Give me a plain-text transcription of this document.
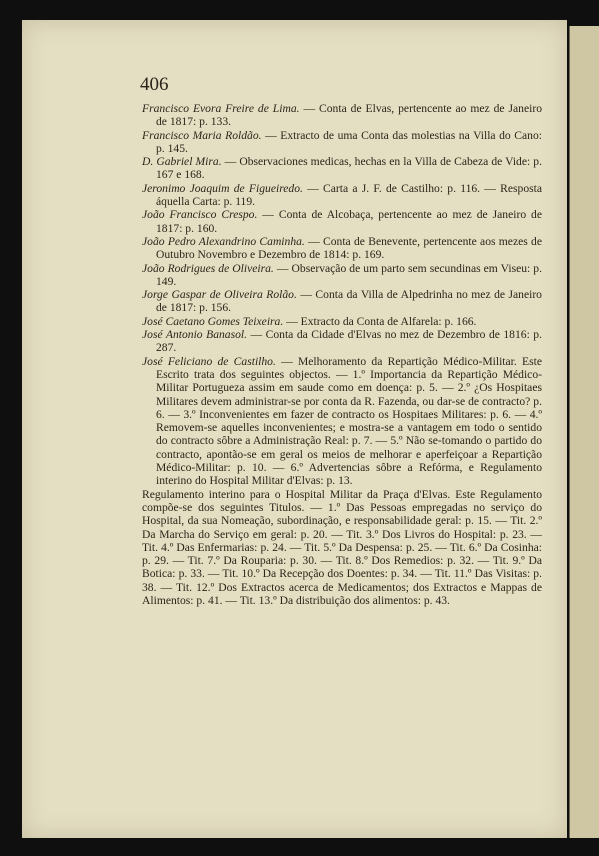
406

Francisco Evora Freire de Lima. — Conta de Elvas, pertencente ao mez de Janeiro de 1817: p. 133.

Francisco Maria Roldão. — Extracto de uma Conta das molestias na Villa do Cano: p. 145.

D. Gabriel Mira. — Observaciones medicas, hechas en la Villa de Cabeza de Vide: p. 167 e 168.

Jeronimo Joaquim de Figueiredo. — Carta a J. F. de Castilho: p. 116. — Resposta áquella Carta: p. 119.

João Francisco Crespo. — Conta de Alcobaça, pertencente ao mez de Janeiro de 1817: p. 160.

João Pedro Alexandrino Caminha. — Conta de Benevente, pertencente aos mezes de Outubro Novembro e Dezembro de 1814: p. 169.

João Rodrigues de Oliveira. — Observação de um parto sem secundinas em Viseu: p. 149.

Jorge Gaspar de Oliveira Rolão. — Conta da Villa de Alpedrinha no mez de Janeiro de 1817: p. 156.

José Caetano Gomes Teixeira. — Extracto da Conta de Alfarela: p. 166.

José Antonio Banasol. — Conta da Cidade d'Elvas no mez de Dezembro de 1816: p. 287.

José Feliciano de Castilho. — Melhoramento da Repartição Médico-Militar. Este Escrito trata dos seguintes objectos. — 1.º Importancia da Repartição Médico-Militar Portugueza assim em saude como em doença: p. 5. — 2.º ¿Os Hospitaes Militares devem administrar-se por conta da R. Fazenda, ou dar-se de contracto? p. 6. — 3.º Inconvenientes em fazer de contracto os Hospitaes Militares: p. 6. — 4.º Removem-se aquelles inconvenientes; e mostra-se a vantagem em todo o sentido do contracto sôbre a Administração Real: p. 7. — 5.º Não se-tomando o partido do contracto, apontão-se em geral os meios de melhorar e aperfeiçoar a Repartição Médico-Militar: p. 10. — 6.º Advertencias sôbre a Refórma, e Regulamento interino do Hospital Militar d'Elvas: p. 13.

Regulamento interino para o Hospital Militar da Praça d'Elvas. Este Regulamento compõe-se dos seguintes Titulos. — 1.º Das Pessoas empregadas no serviço do Hospital, da sua Nomeação, subordinação, e responsabilidade geral: p. 15. — Tit. 2.º Da Marcha do Serviço em geral: p. 20. — Tit. 3.º Dos Livros do Hospital: p. 23. — Tit. 4.º Das Enfermarias: p. 24. — Tit. 5.º Da Despensa: p. 25. — Tit. 6.º Da Cosinha: p. 29. — Tit. 7.º Da Rouparia: p. 30. — Tit. 8.º Dos Remedios: p. 32. — Tit. 9.º Da Botica: p. 33. — Tit. 10.º Da Recepção dos Doentes: p. 34. — Tit. 11.º Das Visitas: p. 38. — Tit. 12.º Dos Extractos acerca de Medicamentos; dos Extractos e Mappas de Alimentos: p. 41. — Tit. 13.º Da distribuição dos alimentos: p. 43.
